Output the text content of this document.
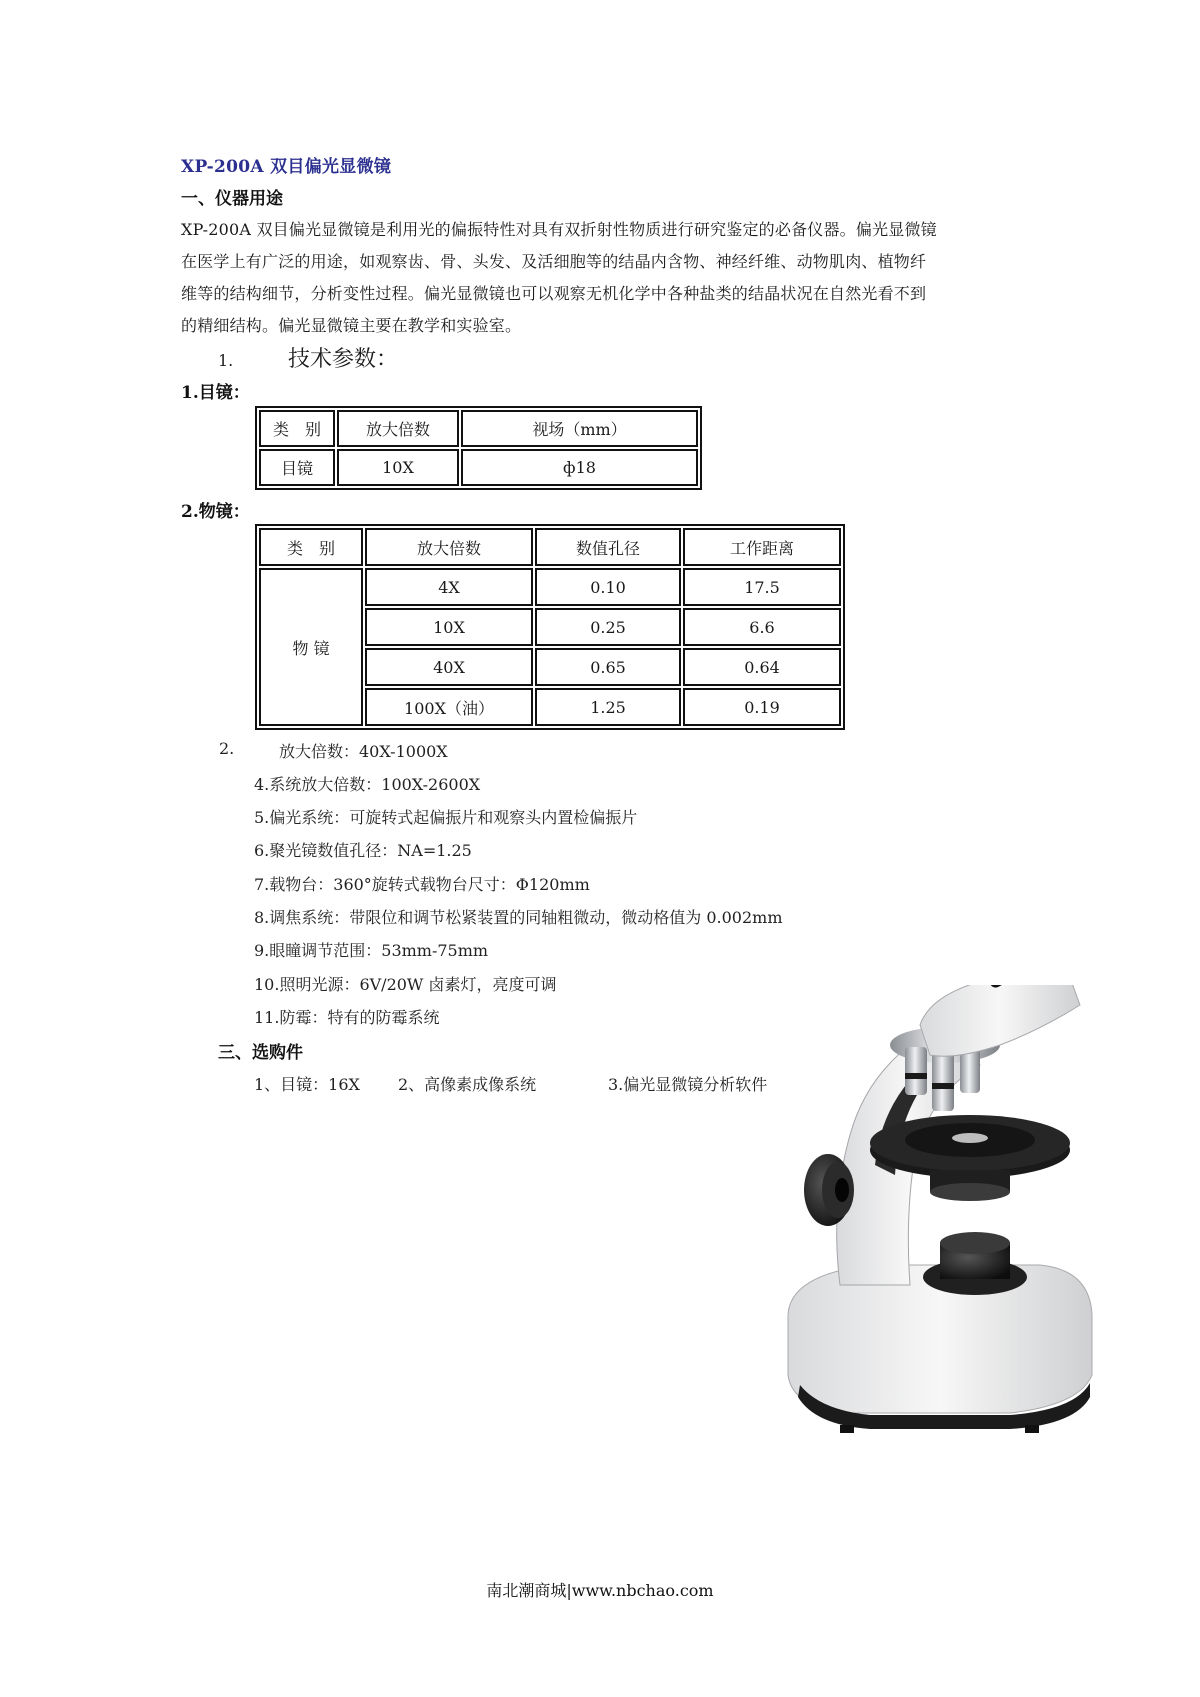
XP-200A 双目偏光显微镜
一、仪器用途

XP-200A 双目偏光显微镜是利用光的偏振特性对具有双折射性物质进行研究鉴定的必备仪器。偏光显微镜

在医学上有广泛的用途，如观察齿、骨、头发、及活细胞等的结晶内含物、神经纤维、动物肌肉、植物纤

维等的结构细节，分析变性过程。偏光显微镜也可以观察无机化学中各种盐类的结晶状况在自然光看不到

的精细结构。偏光显微镜主要在教学和实验室。

1. 技术参数：
1.目镜：
类　别	放大倍数	视场（mm）
目镜	10X	ф18
2.物镜：
类　别	放大倍数	数值孔径	工作距离
物 镜	4X	0.10	17.5
	10X	0.25	6.6
	40X	0.65	0.64
	100X（油）	1.25	0.19
2.	放大倍数：40X-1000X
4.系统放大倍数：100X-2600X
5.偏光系统：可旋转式起偏振片和观察头内置检偏振片
6.聚光镜数值孔径：NA=1.25
7.载物台：360°旋转式载物台尺寸：Φ120mm
8.调焦系统：带限位和调节松紧装置的同轴粗微动，微动格值为 0.002mm
9.眼瞳调节范围：53mm-75mm
10.照明光源：6V/20W 卤素灯，亮度可调
11.防霉：特有的防霉系统
三、选购件
1、目镜：16X 2、高像素成像系统	3.偏光显微镜分析软件
南北潮商城|www.nbchao.com
